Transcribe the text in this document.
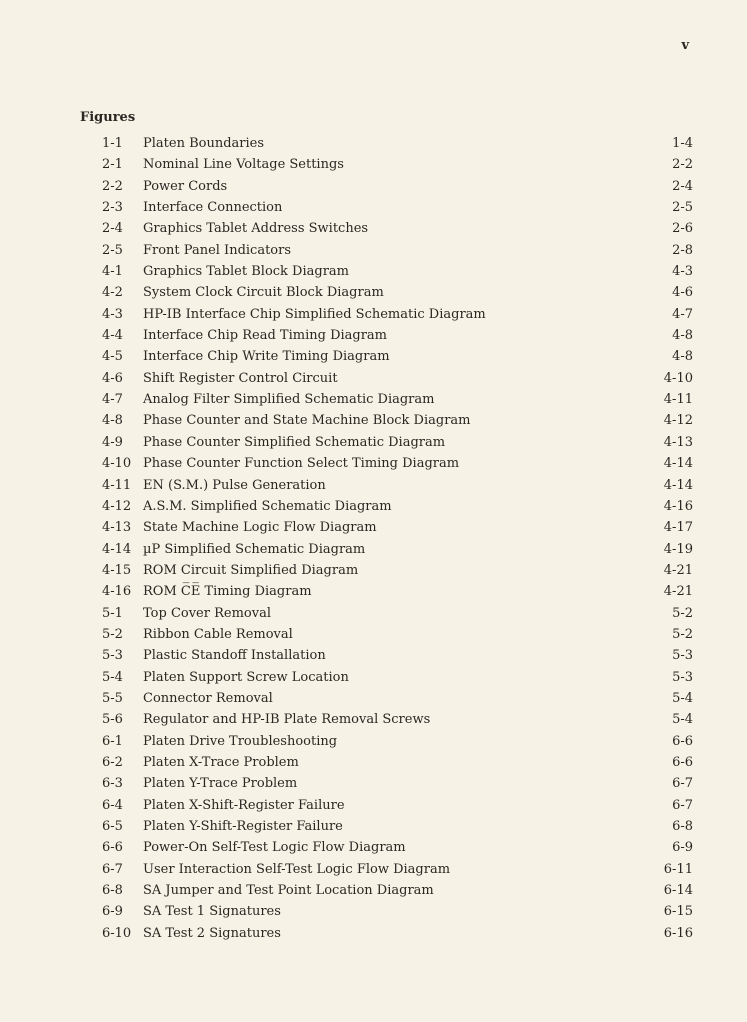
v
Figures
1-1 Platen Boundaries	1-4
2-1 Nominal Line Voltage Settings	2-2
2-2 Power Cords	2-4
2-3 Interface Connection	2-5
2-4 Graphics Tablet Address Switches	2-6
2-5 Front Panel Indicators	2-8
4-1 Graphics Tablet Block Diagram	4-3
4-2 System Clock Circuit Block Diagram	4-6
4-3 HP-IB Interface Chip Simplified Schematic Diagram	4-7
4-4 Interface Chip Read Timing Diagram	4-8
4-5 Interface Chip Write Timing Diagram	4-8
4-6 Shift Register Control Circuit	4-10
4-7 Analog Filter Simplified Schematic Diagram	4-11
4-8 Phase Counter and State Machine Block Diagram	4-12
4-9 Phase Counter Simplified Schematic Diagram	4-13
4-10 Phase Counter Function Select Timing Diagram	4-14
4-11 EN (S.M.) Pulse Generation	4-14
4-12 A.S.M. Simplified Schematic Diagram	4-16
4-13 State Machine Logic Flow Diagram	4-17
4-14 µP Simplified Schematic Diagram	4-19
4-15 ROM Circuit Simplified Diagram	4-21
4-16 ROM C̅E̅ Timing Diagram	4-21
5-1 Top Cover Removal	5-2
5-2 Ribbon Cable Removal	5-2
5-3 Plastic Standoff Installation	5-3
5-4 Platen Support Screw Location	5-3
5-5 Connector Removal	5-4
5-6 Regulator and HP-IB Plate Removal Screws	5-4
6-1 Platen Drive Troubleshooting	6-6
6-2 Platen X-Trace Problem	6-6
6-3 Platen Y-Trace Problem	6-7
6-4 Platen X-Shift-Register Failure	6-7
6-5 Platen Y-Shift-Register Failure	6-8
6-6 Power-On Self-Test Logic Flow Diagram	6-9
6-7 User Interaction Self-Test Logic Flow Diagram	6-11
6-8 SA Jumper and Test Point Location Diagram	6-14
6-9 SA Test 1 Signatures	6-15
6-10 SA Test 2 Signatures	6-16
